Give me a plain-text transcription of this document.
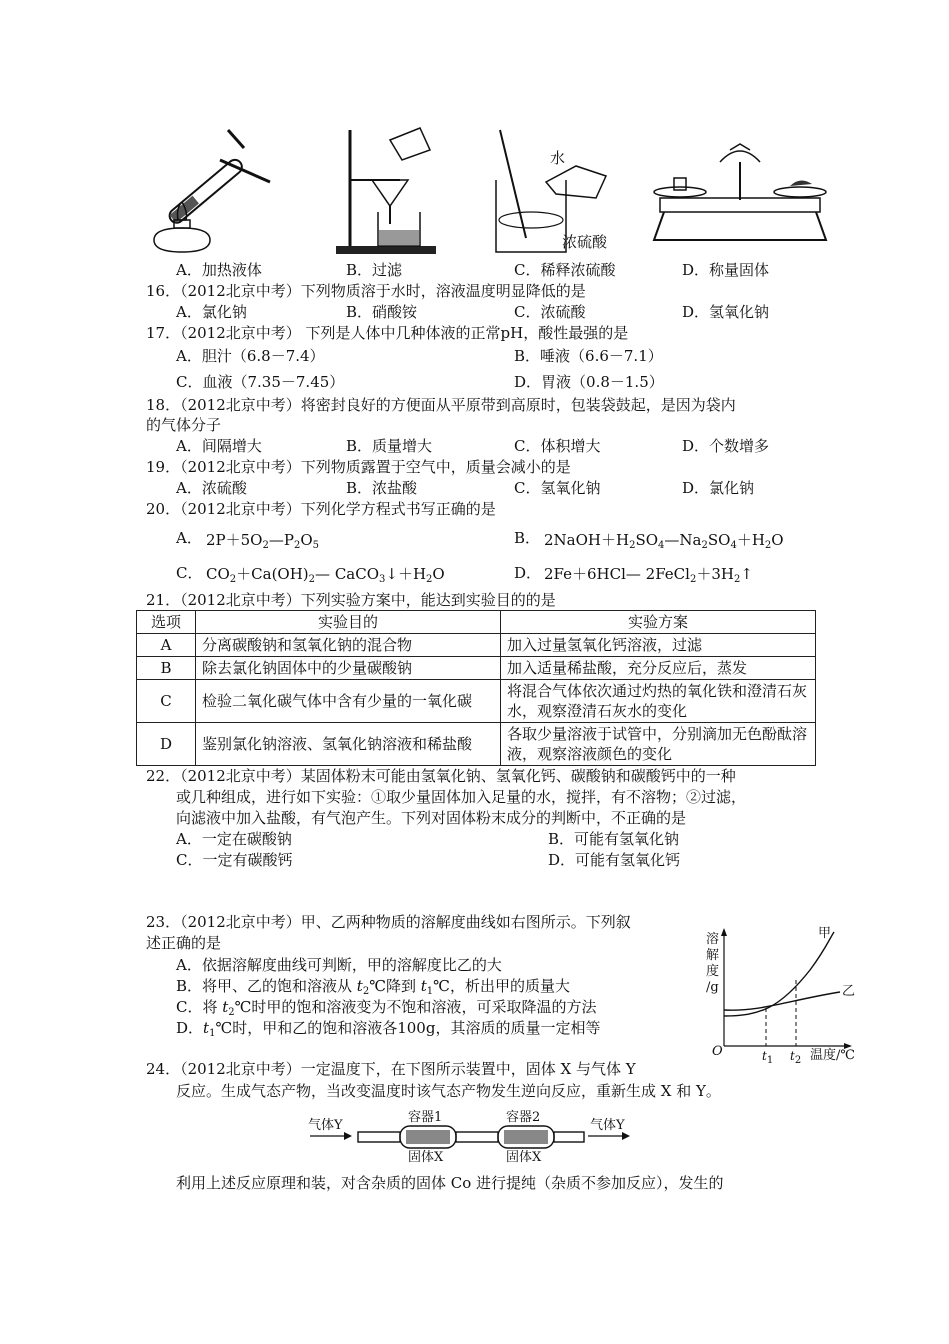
水
浓硫酸
A．加热液体	B．过滤	C．稀释浓硫酸	D．称量固体
16．（2012北京中考）下列物质溶于水时，溶液温度明显降低的是
A．氯化钠	B．硝酸铵	C．浓硫酸	D．氢氧化钠
17．（2012北京中考） 下列是人体中几种体液的正常pH，酸性最强的是
A．胆汁（6.8－7.4）	B．唾液（6.6－7.1）
C．血液（7.35－7.45）	D．胃液（0.8－1.5）
18．（2012北京中考）将密封良好的方便面从平原带到高原时，包装袋鼓起，是因为袋内
的气体分子
A．间隔增大	B．质量增大	C．体积增大	D．个数增多
19．（2012北京中考）下列物质露置于空气中，质量会减小的是
A．浓硫酸	B．浓盐酸	C．氢氧化钠	D．氯化钠
20．（2012北京中考）下列化学方程式书写正确的是
A． $2P+5O_2—P_2O_5$	B． $2NaOH+H_2SO_4—Na_2SO_4+H_2O$
C． $CO_2+Ca(OH)_2—$ $CaCO_3↓+H_2O$	D． 2Fe＋6HCl— $2FeCl_2+3H_2↑$
21．（2012北京中考）下列实验方案中，能达到实验目的的是
选项	实验目的	实验方案
A	分离碳酸钠和氢氧化钠的混合物	加入过量氢氧化钙溶液，过滤
B	除去氯化钠固体中的少量碳酸钠	加入适量稀盐酸，充分反应后，蒸发
C	检验二氧化碳气体中含有少量的一氧化碳	将混合气体依次通过灼热的氧化铁和澄清石灰水，观察澄清石灰水的变化
D	鉴别氯化钠溶液、氢氧化钠溶液和稀盐酸	各取少量溶液于试管中，分别滴加无色酚酞溶液，观察溶液颜色的变化
22．（2012北京中考）某固体粉末可能由氢氧化钠、氢氧化钙、碳酸钠和碳酸钙中的一种
或几种组成，进行如下实验：①取少量固体加入足量的水，搅拌，有不溶物；②过滤，
向滤液中加入盐酸，有气泡产生。下列对固体粉末成分的判断中，不正确的是
A．一定在碳酸钠	B．可能有氢氧化钠
C．一定有碳酸钙	D．可能有氢氧化钙
23．（2012北京中考）甲、乙两种物质的溶解度曲线如右图所示。下列叙
述正确的是
A．依据溶解度曲线可判断，甲的溶解度比乙的大
B．将甲、乙的饱和溶液从 $t_2℃$降到 $t_1℃$，析出甲的质量大
C．将 $t_2℃$时甲的饱和溶液变为不饱和溶液，可采取降温的方法
D．$t_1℃$时，甲和乙的饱和溶液各100g，其溶质的质量一定相等
溶
解
度
/g
甲
乙
O	$t_1$ $t_2$ 温度/℃
24．（2012北京中考）一定温度下，在下图所示装置中，固体 X 与气体 Y
反应。生成气态产物，当改变温度时该气态产物发生逆向反应，重新生成 X 和 Y。
气体Y	气体Y
容器1	容器2
固体X	固体X
利用上述反应原理和装，对含杂质的固体 Co 进行提纯（杂质不参加反应），发生的
